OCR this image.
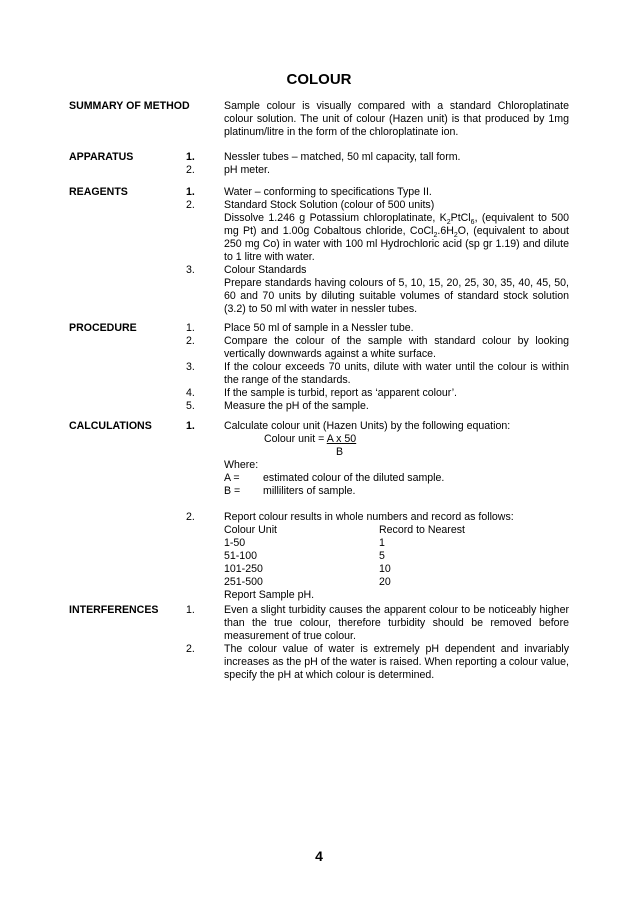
COLOUR
SUMMARY OF METHOD	Sample colour is visually compared with a standard Chloroplatinate colour solution. The unit of colour (Hazen unit) is that produced by 1mg platinum/litre in the form of the chloroplatinate ion.
APPARATUS	1.	Nessler tubes – matched, 50 ml capacity, tall form.
2.	pH meter.
REAGENTS	1.	Water – conforming to specifications Type II.
2.	Standard Stock Solution (colour of 500 units)
Dissolve 1.246 g Potassium chloroplatinate, $K_2PtCl_6$, (equivalent to 500 mg Pt) and 1.00g Cobaltous chloride, $CoCl_2.6H_2O$, (equivalent to about 250 mg Co) in water with 100 ml Hydrochloric acid (sp gr 1.19) and dilute to 1 litre with water.
3.	Colour Standards
Prepare standards having colours of 5, 10, 15, 20, 25, 30, 35, 40, 45, 50, 60 and 70 units by diluting suitable volumes of standard stock solution (3.2) to 50 ml with water in nessler tubes.
PROCEDURE	1.	Place 50 ml of sample in a Nessler tube.
2.	Compare the colour of the sample with standard colour by looking vertically downwards against a white surface.
3.	If the colour exceeds 70 units, dilute with water until the colour is within the range of the standards.
4.	If the sample is turbid, report as ‘apparent colour’.
5.	Measure the pH of the sample.
CALCULATIONS	1.	Calculate colour unit (Hazen Units) by the following equation:
Colour unit = A x 50
B
Where:
A =	estimated colour of the diluted sample.
B =	milliliters of sample.
2.	Report colour results in whole numbers and record as follows:
Colour Unit	Record to Nearest
1-50	1
51-100	5
101-250	10
251-500	20
Report Sample pH.
INTERFERENCES	1.	Even a slight turbidity causes the apparent colour to be noticeably higher than the true colour, therefore turbidity should be removed before measurement of true colour.
2.	The colour value of water is extremely pH dependent and invariably increases as the pH of the water is raised. When reporting a colour value, specify the pH at which colour is determined.
4
